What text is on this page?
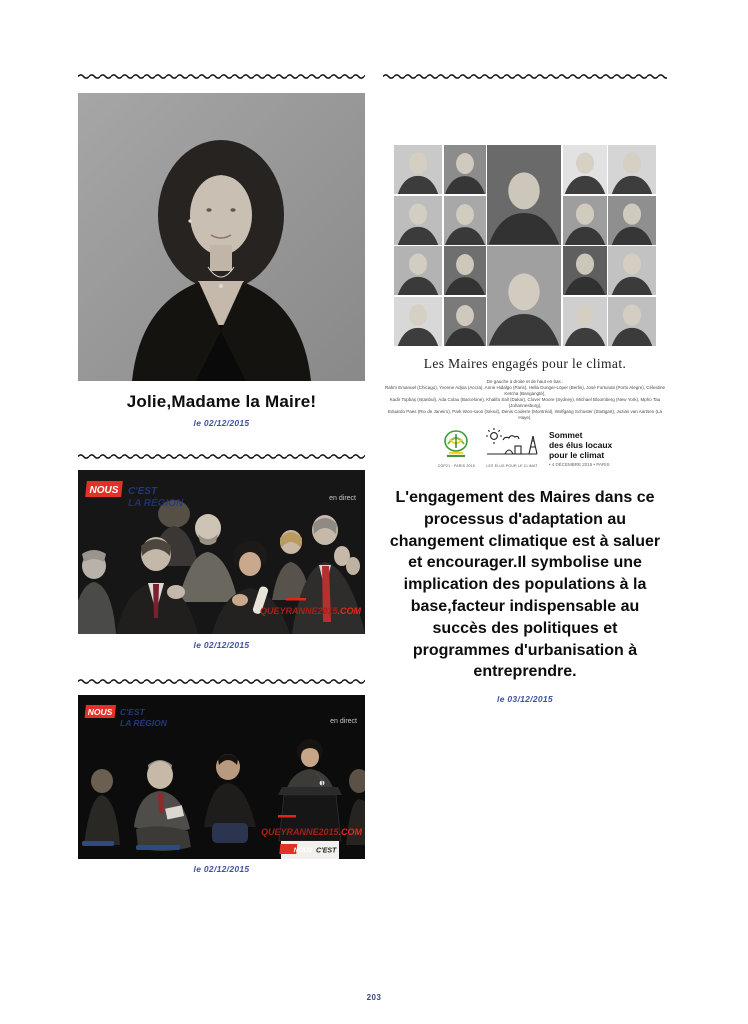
Jolie,Madame la Maire!
le 02/12/2015
C'EST
LA RÉGION
NOUS
en direct
QUEYRANNE2015.COM
le 02/12/2015
QUEYRANNE2015.COM
NOUS C'EST
NOUS C'EST
LA RÉGION	en direct
le 02/12/2015
Les Maires engagés pour le climat.
De gauche à droite et de haut en bas :
Rahm Emanuel (Chicago), Yvonne Adjoa (Accra), Anne Hidalgo (Paris), Hella Dunger-Löper (Berlin), José Fortunati (Porto Alegre), Célestine Ketcha (Bangangté),
Kadir Topbaş (Istanbul), Ada Colau (Barcelone), Khalifa Sall (Dakar), Clover Moore (Sydney), Michael Bloomberg (New York), Mpho Tau (Johannesburg),
Eduardo Paes (Rio de Janeiro), Park Won-soon (Séoul), Denis Coderre (Montréal), Wolfgang Schuster (Stuttgart), Jozias van Aartsen (La Haye).
COP21 · PARIS 2015	LES ÉLUS POUR LE CLIMAT
Sommet
des élus locaux
pour le climat
• 4 DÉCEMBRE 2015 • PARIS
L'engagement des Maires dans ce processus d'adaptation au changement climatique est à saluer et encourager.Il symbolise une implication des populations à la base,facteur indispensable au succès des politiques et programmes d'urbanisation à entreprendre.
le 03/12/2015
203
